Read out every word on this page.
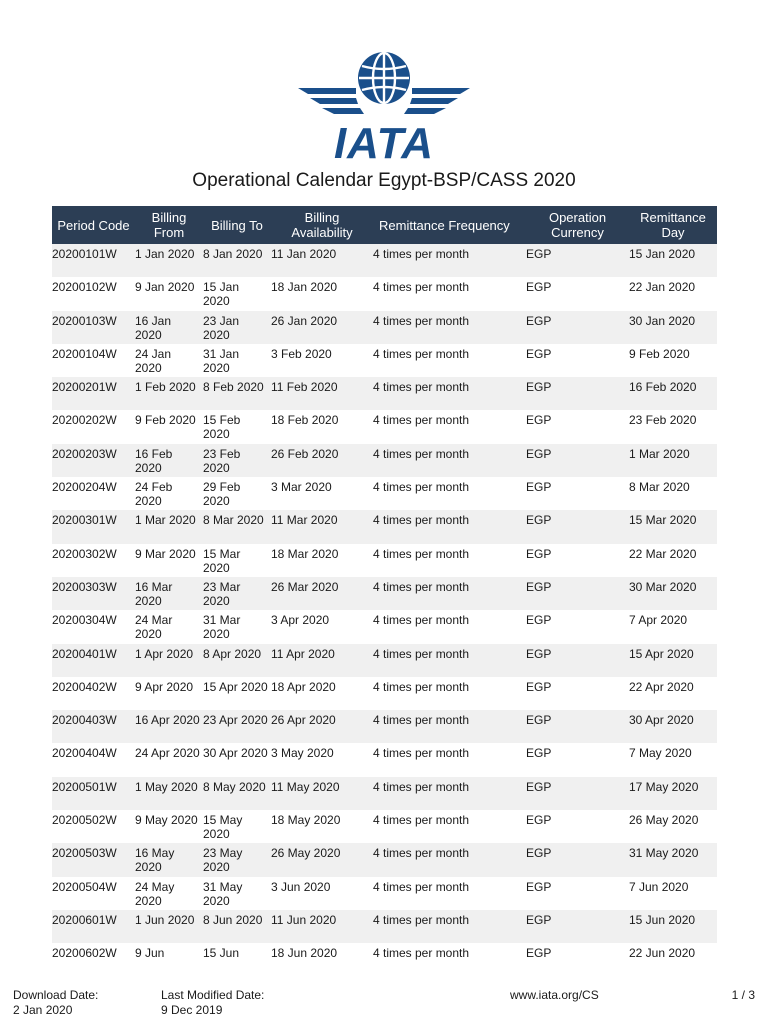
IATA
Operational Calendar Egypt-BSP/CASS 2020
Period Code	Billing From	Billing To	Billing Availability	Remittance Frequency	Operation Currency	Remittance Day
20200101W	1 Jan 2020	8 Jan 2020	11 Jan 2020	4 times per month	EGP	15 Jan 2020
20200102W	9 Jan 2020	15 Jan 2020	18 Jan 2020	4 times per month	EGP	22 Jan 2020
20200103W	16 Jan 2020	23 Jan 2020	26 Jan 2020	4 times per month	EGP	30 Jan 2020
20200104W	24 Jan 2020	31 Jan 2020	3 Feb 2020	4 times per month	EGP	9 Feb 2020
20200201W	1 Feb 2020	8 Feb 2020	11 Feb 2020	4 times per month	EGP	16 Feb 2020
20200202W	9 Feb 2020	15 Feb 2020	18 Feb 2020	4 times per month	EGP	23 Feb 2020
20200203W	16 Feb 2020	23 Feb 2020	26 Feb 2020	4 times per month	EGP	1 Mar 2020
20200204W	24 Feb 2020	29 Feb 2020	3 Mar 2020	4 times per month	EGP	8 Mar 2020
20200301W	1 Mar 2020	8 Mar 2020	11 Mar 2020	4 times per month	EGP	15 Mar 2020
20200302W	9 Mar 2020	15 Mar 2020	18 Mar 2020	4 times per month	EGP	22 Mar 2020
20200303W	16 Mar 2020	23 Mar 2020	26 Mar 2020	4 times per month	EGP	30 Mar 2020
20200304W	24 Mar 2020	31 Mar 2020	3 Apr 2020	4 times per month	EGP	7 Apr 2020
20200401W	1 Apr 2020	8 Apr 2020	11 Apr 2020	4 times per month	EGP	15 Apr 2020
20200402W	9 Apr 2020	15 Apr 2020	18 Apr 2020	4 times per month	EGP	22 Apr 2020
20200403W	16 Apr 2020	23 Apr 2020	26 Apr 2020	4 times per month	EGP	30 Apr 2020
20200404W	24 Apr 2020	30 Apr 2020	3 May 2020	4 times per month	EGP	7 May 2020
20200501W	1 May 2020	8 May 2020	11 May 2020	4 times per month	EGP	17 May 2020
20200502W	9 May 2020	15 May 2020	18 May 2020	4 times per month	EGP	26 May 2020
20200503W	16 May 2020	23 May 2020	26 May 2020	4 times per month	EGP	31 May 2020
20200504W	24 May 2020	31 May 2020	3 Jun 2020	4 times per month	EGP	7 Jun 2020
20200601W	1 Jun 2020	8 Jun 2020	11 Jun 2020	4 times per month	EGP	15 Jun 2020
20200602W	9 Jun	15 Jun	18 Jun 2020	4 times per month	EGP	22 Jun 2020
Download Date:
2 Jan 2020
Last Modified Date:
9 Dec 2019
www.iata.org/CS	1 / 3
